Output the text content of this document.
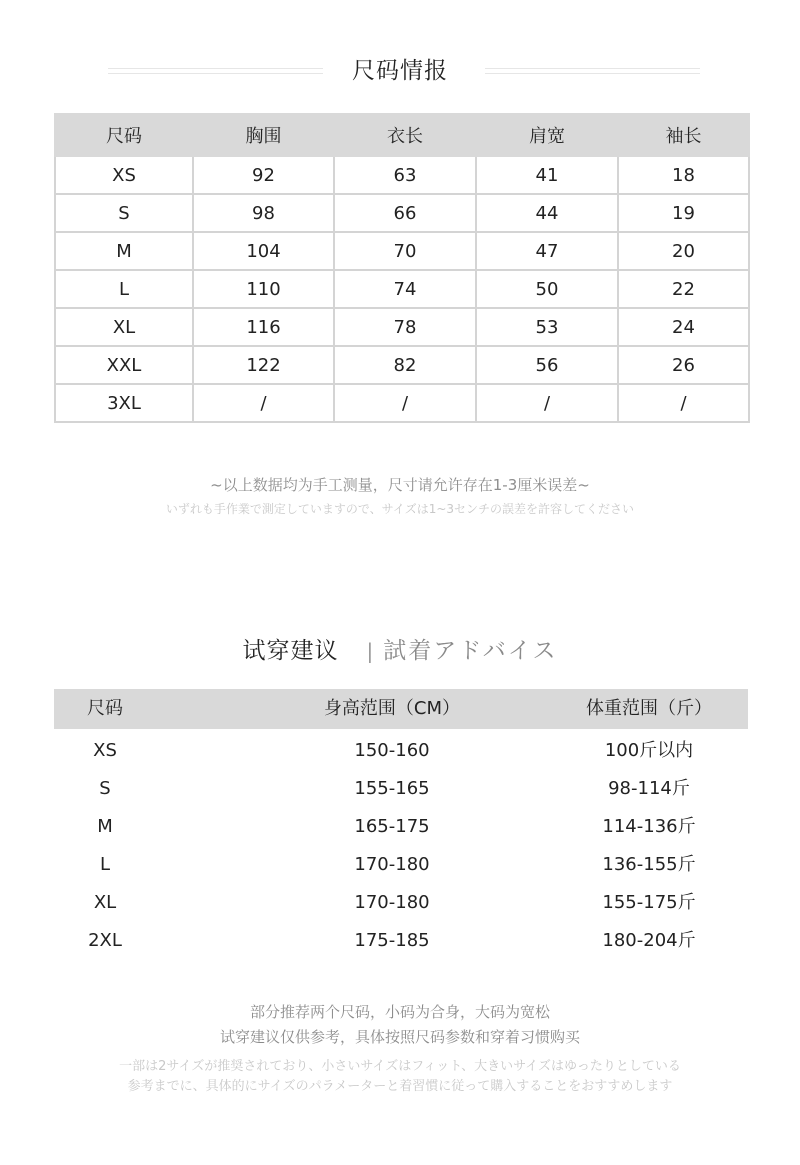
尺码情报
尺码	胸围	衣长	肩宽	袖长
XS	92	63	41	18
S	98	66	44	19
M	104	70	47	20
L	110	74	50	22
XL	116	78	53	24
XXL	122	82	56	26
3XL	/	/	/	/
~以上数据均为手工测量，尺寸请允许存在1-3厘米误差~
いずれも手作業で測定していますので、サイズは1~3センチの誤差を許容してください
试穿建议 | 試着アドバイス
尺码	身高范围（CM）	体重范围（斤）
XS	150-160	100斤以内
S	155-165	98-114斤
M	165-175	114-136斤
L	170-180	136-155斤
XL	170-180	155-175斤
2XL	175-185	180-204斤
部分推荐两个尺码，小码为合身，大码为宽松
试穿建议仅供参考，具体按照尺码参数和穿着习惯购买
一部は2サイズが推奨されており、小さいサイズはフィット、大きいサイズはゆったりとしている
参考までに、具体的にサイズのパラメーターと着習慣に従って購入することをおすすめします
